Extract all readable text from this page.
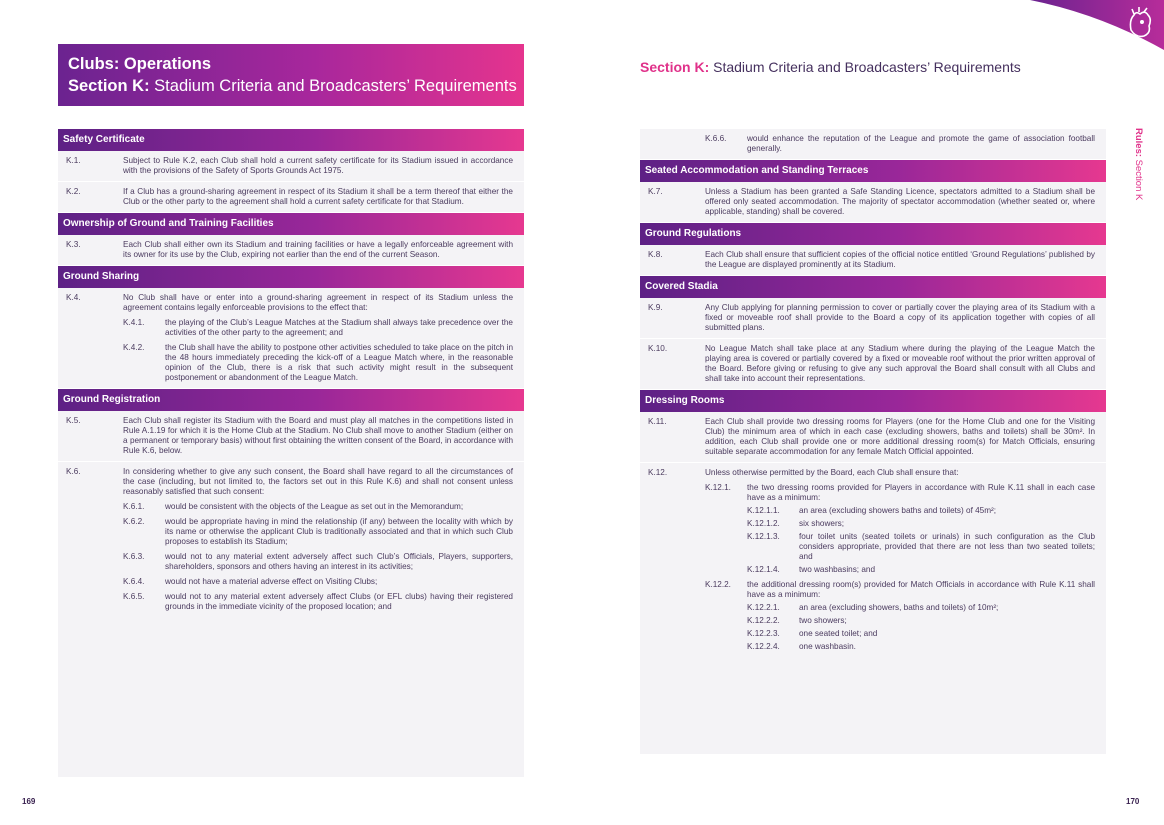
Clubs: Operations
Section K: Stadium Criteria and Broadcasters’ Requirements
Section K: Stadium Criteria and Broadcasters’ Requirements
Rules: Section K
Safety Certificate
K.1.	Subject to Rule K.2, each Club shall hold a current safety certificate for its Stadium issued in accordance with the provisions of the Safety of Sports Grounds Act 1975.
K.2.	If a Club has a ground-sharing agreement in respect of its Stadium it shall be a term thereof that either the Club or the other party to the agreement shall hold a current safety certificate for that Stadium.
Ownership of Ground and Training Facilities
K.3.	Each Club shall either own its Stadium and training facilities or have a legally enforceable agreement with its owner for its use by the Club, expiring not earlier than the end of the current Season.
Ground Sharing
K.4.	No Club shall have or enter into a ground-sharing agreement in respect of its Stadium unless the agreement contains legally enforceable provisions to the effect that:
K.4.1.	the playing of the Club’s League Matches at the Stadium shall always take precedence over the activities of the other party to the agreement; and
K.4.2.	the Club shall have the ability to postpone other activities scheduled to take place on the pitch in the 48 hours immediately preceding the kick-off of a League Match where, in the reasonable opinion of the Club, there is a risk that such activity might result in the subsequent postponement or abandonment of the League Match.
Ground Registration
K.5.	Each Club shall register its Stadium with the Board and must play all matches in the competitions listed in Rule A.1.19 for which it is the Home Club at the Stadium. No Club shall move to another Stadium (either on a permanent or temporary basis) without first obtaining the written consent of the Board, in accordance with Rule K.6, below.
K.6.	In considering whether to give any such consent, the Board shall have regard to all the circumstances of the case (including, but not limited to, the factors set out in this Rule K.6) and shall not consent unless reasonably satisfied that such consent:
K.6.1.	would be consistent with the objects of the League as set out in the Memorandum;
K.6.2.	would be appropriate having in mind the relationship (if any) between the locality with which by its name or otherwise the applicant Club is traditionally associated and that in which such Club proposes to establish its Stadium;
K.6.3.	would not to any material extent adversely affect such Club’s Officials, Players, supporters, shareholders, sponsors and others having an interest in its activities;
K.6.4.	would not have a material adverse effect on Visiting Clubs;
K.6.5.	would not to any material extent adversely affect Clubs (or EFL clubs) having their registered grounds in the immediate vicinity of the proposed location; and
K.6.6.	would enhance the reputation of the League and promote the game of association football generally.
Seated Accommodation and Standing Terraces
K.7.	Unless a Stadium has been granted a Safe Standing Licence, spectators admitted to a Stadium shall be offered only seated accommodation. The majority of spectator accommodation (whether seated or, where applicable, standing) shall be covered.
Ground Regulations
K.8.	Each Club shall ensure that sufficient copies of the official notice entitled ‘Ground Regulations’ published by the League are displayed prominently at its Stadium.
Covered Stadia
K.9.	Any Club applying for planning permission to cover or partially cover the playing area of its Stadium with a fixed or moveable roof shall provide to the Board a copy of its application together with copies of all submitted plans.
K.10.	No League Match shall take place at any Stadium where during the playing of the League Match the playing area is covered or partially covered by a fixed or moveable roof without the prior written approval of the Board. Before giving or refusing to give any such approval the Board shall consult with all Clubs and shall take into account their representations.
Dressing Rooms
K.11.	Each Club shall provide two dressing rooms for Players (one for the Home Club and one for the Visiting Club) the minimum area of which in each case (excluding showers, baths and toilets) shall be 30m². In addition, each Club shall provide one or more additional dressing room(s) for Match Officials, ensuring suitable separate accommodation for any female Match Official appointed.
K.12.	Unless otherwise permitted by the Board, each Club shall ensure that:
K.12.1.	the two dressing rooms provided for Players in accordance with Rule K.11 shall in each case have as a minimum:
K.12.1.1.	an area (excluding showers baths and toilets) of 45m²;
K.12.1.2.	six showers;
K.12.1.3.	four toilet units (seated toilets or urinals) in such configuration as the Club considers appropriate, provided that there are not less than two seated toilets; and
K.12.1.4.	two washbasins; and
K.12.2.	the additional dressing room(s) provided for Match Officials in accordance with Rule K.11 shall have as a minimum:
K.12.2.1.	an area (excluding showers, baths and toilets) of 10m²;
K.12.2.2.	two showers;
K.12.2.3.	one seated toilet; and
K.12.2.4.	one washbasin.
169	170
